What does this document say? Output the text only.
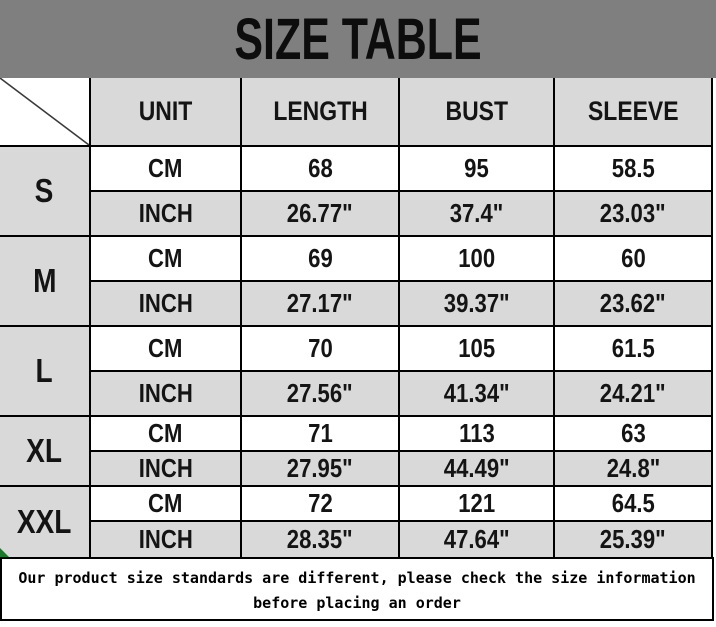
SIZE TABLE
UNIT	LENGTH	BUST	SLEEVE
S
CM	68	95	58.5
INCH	26.77"	37.4"	23.03"
M
CM	69	100	60
INCH	27.17"	39.37"	23.62"
L
CM	70	105	61.5
INCH	27.56"	41.34"	24.21"
XL	CM	71	113	63
INCH	27.95"	44.49"	24.8"
XXL	CM	72	121	64.5
INCH	28.35"	47.64"	25.39"
Our product size standards are different, please check the size information
before placing an order
